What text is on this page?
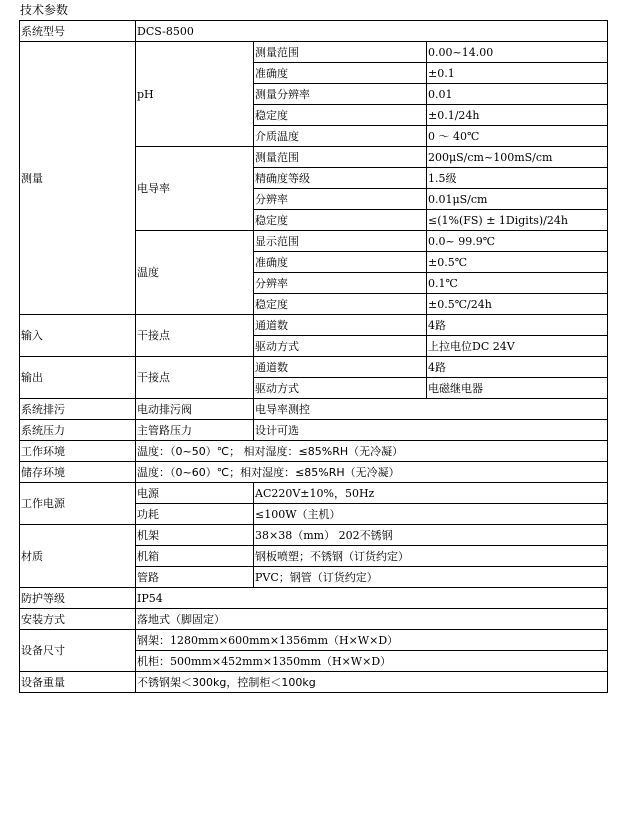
技术参数
系统型号	DCS-8500		
测量	pH	测量范围	0.00~14.00
		准确度	±0.1
		测量分辨率	0.01
		稳定度	±0.1/24h
		介质温度	0 ～ 40℃
	电导率	测量范围	200μS/cm~100mS/cm
		精确度等级	1.5级
		分辨率	0.01μS/cm
		稳定度	≤(1%(FS) ± 1Digits)/24h
	温度	显示范围	0.0~ 99.9℃
		准确度	±0.5℃
		分辨率	0.1℃
		稳定度	±0.5℃/24h
输入	干接点	通道数	4路
		驱动方式	上拉电位DC 24V
输出	干接点	通道数	4路
		驱动方式	电磁继电器
系统排污	电动排污阀	电导率测控	
系统压力	主管路压力	设计可选	
工作环境	温度：（0~50）℃； 相对湿度：≤85%RH（无冷凝）		
储存环境	温度：（0~60）℃；相对湿度：≤85%RH（无冷凝）		
工作电源	电源	AC220V±10%，50Hz	
	功耗	≤100W（主机）	
材质	机架	38×38（mm） 202不锈钢	
	机箱	钢板喷塑；不锈钢（订货约定）	
	管路	PVC；钢管（订货约定）	
防护等级	IP54		
安装方式	落地式（脚固定）		
设备尺寸	钢架：1280mm×600mm×1356mm（H×W×D）		
	机柜：500mm×452mm×1350mm（H×W×D）		
设备重量	不锈钢架＜300kg，控制柜＜100kg		
